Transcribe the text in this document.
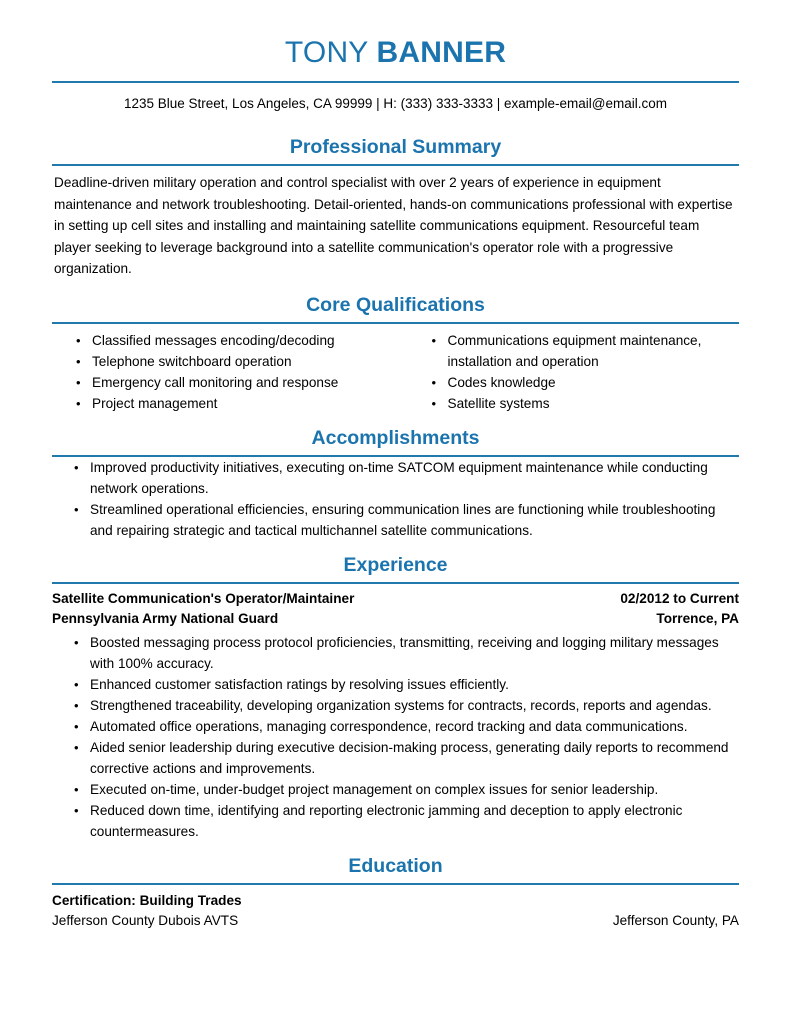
TONY BANNER
1235 Blue Street, Los Angeles, CA 99999 | H: (333) 333-3333 | example-email@email.com
Professional Summary
Deadline-driven military operation and control specialist with over 2 years of experience in equipment maintenance and network troubleshooting. Detail-oriented, hands-on communications professional with expertise in setting up cell sites and installing and maintaining satellite communications equipment. Resourceful team player seeking to leverage background into a satellite communication's operator role with a progressive organization.
Core Qualifications
• Classified messages encoding/decoding
• Telephone switchboard operation
• Emergency call monitoring and response
• Project management
• Communications equipment maintenance, installation and operation
• Codes knowledge
• Satellite systems
Accomplishments
• Improved productivity initiatives, executing on-time SATCOM equipment maintenance while conducting network operations.
• Streamlined operational efficiencies, ensuring communication lines are functioning while troubleshooting and repairing strategic and tactical multichannel satellite communications.
Experience
Satellite Communication's Operator/Maintainer	02/2012 to Current
Pennsylvania Army National Guard	Torrence, PA
• Boosted messaging process protocol proficiencies, transmitting, receiving and logging military messages with 100% accuracy.
• Enhanced customer satisfaction ratings by resolving issues efficiently.
• Strengthened traceability, developing organization systems for contracts, records, reports and agendas.
• Automated office operations, managing correspondence, record tracking and data communications.
• Aided senior leadership during executive decision-making process, generating daily reports to recommend corrective actions and improvements.
• Executed on-time, under-budget project management on complex issues for senior leadership.
• Reduced down time, identifying and reporting electronic jamming and deception to apply electronic countermeasures.
Education
Certification: Building Trades
Jefferson County Dubois AVTS	Jefferson County, PA
